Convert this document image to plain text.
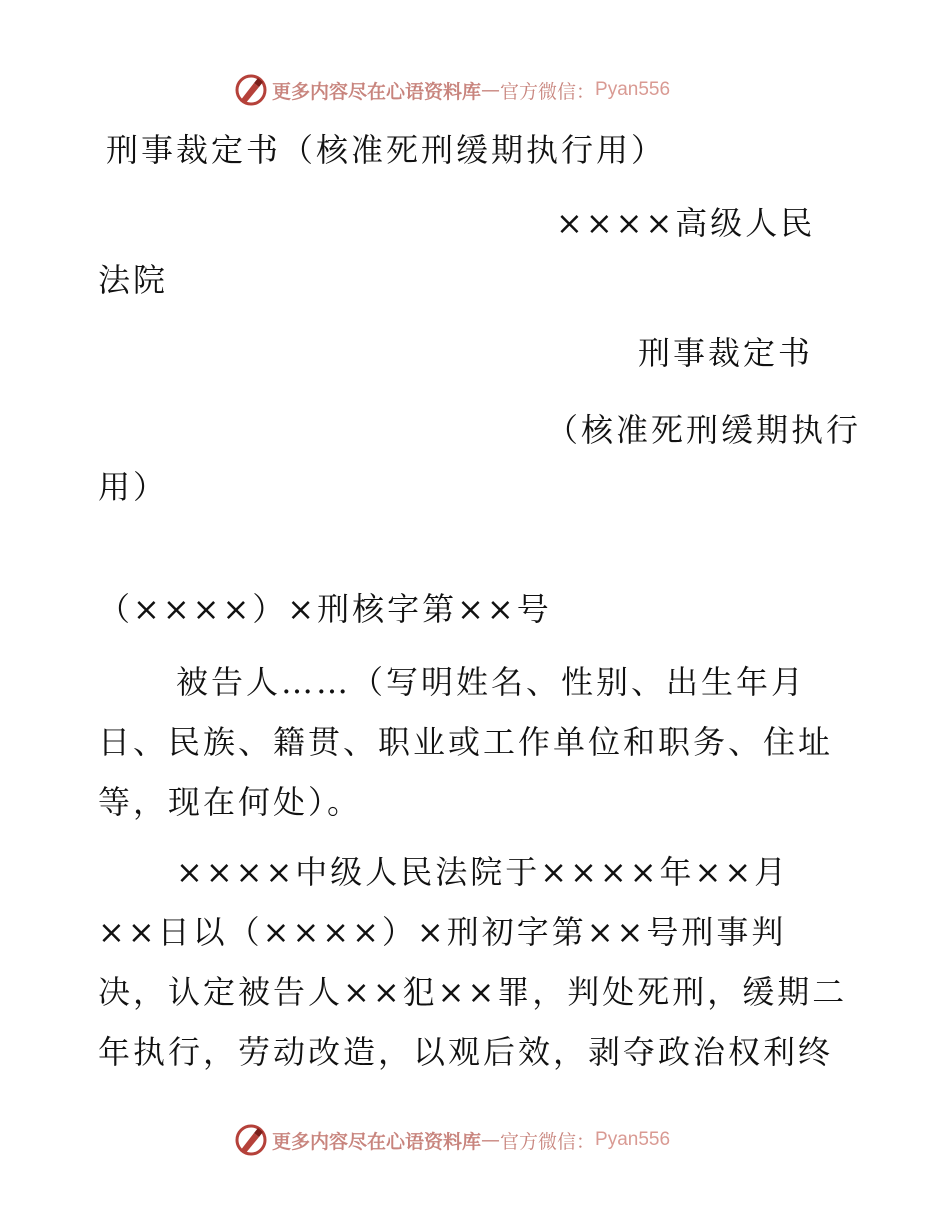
更多内容尽在心语资料库 — 官方微信： Pyan556
刑事裁定书（核准死刑缓期执行用）
××××高级人民
法院
刑事裁定书
（核准死刑缓期执行
用）
（××××）×刑核字第××号
被告人……（写明姓名、性别、出生年月
日、民族、籍贯、职业或工作单位和职务、住址
等，现在何处）。
××××中级人民法院于××××年××月
××日以（××××）×刑初字第××号刑事判
决，认定被告人××犯××罪，判处死刑，缓期二
年执行，劳动改造，以观后效，剥夺政治权利终
更多内容尽在心语资料库 — 官方微信： Pyan556
